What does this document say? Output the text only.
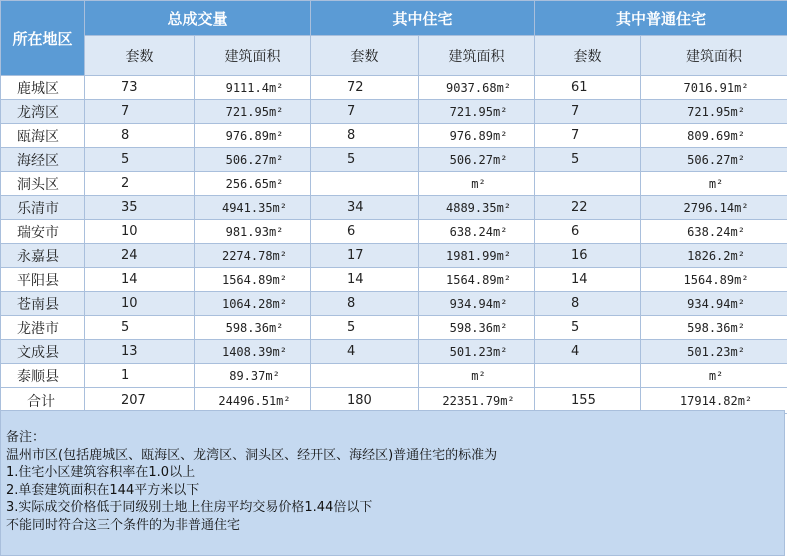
所在地区	总成交量		其中住宅		其中普通住宅	
	套数	建筑面积	套数	建筑面积	套数	建筑面积
鹿城区	73	9111.4m²	72	9037.68m²	61	7016.91m²
龙湾区	7	721.95m²	7	721.95m²	7	721.95m²
瓯海区	8	976.89m²	8	976.89m²	7	809.69m²
海经区	5	506.27m²	5	506.27m²	5	506.27m²
洞头区	2	256.65m²		m²		m²
乐清市	35	4941.35m²	34	4889.35m²	22	2796.14m²
瑞安市	10	981.93m²	6	638.24m²	6	638.24m²
永嘉县	24	2274.78m²	17	1981.99m²	16	1826.2m²
平阳县	14	1564.89m²	14	1564.89m²	14	1564.89m²
苍南县	10	1064.28m²	8	934.94m²	8	934.94m²
龙港市	5	598.36m²	5	598.36m²	5	598.36m²
文成县	13	1408.39m²	4	501.23m²	4	501.23m²
泰顺县	1	89.37m²		m²		m²
合计	207	24496.51m²	180	22351.79m²	155	17914.82m²
备注：
温州市区(包括鹿城区、瓯海区、龙湾区、洞头区、经开区、海经区)普通住宅的标准为
1.住宅小区建筑容积率在1.0以上
2.单套建筑面积在144平方米以下
3.实际成交价格低于同级别土地上住房平均交易价格1.44倍以下
不能同时符合这三个条件的为非普通住宅
